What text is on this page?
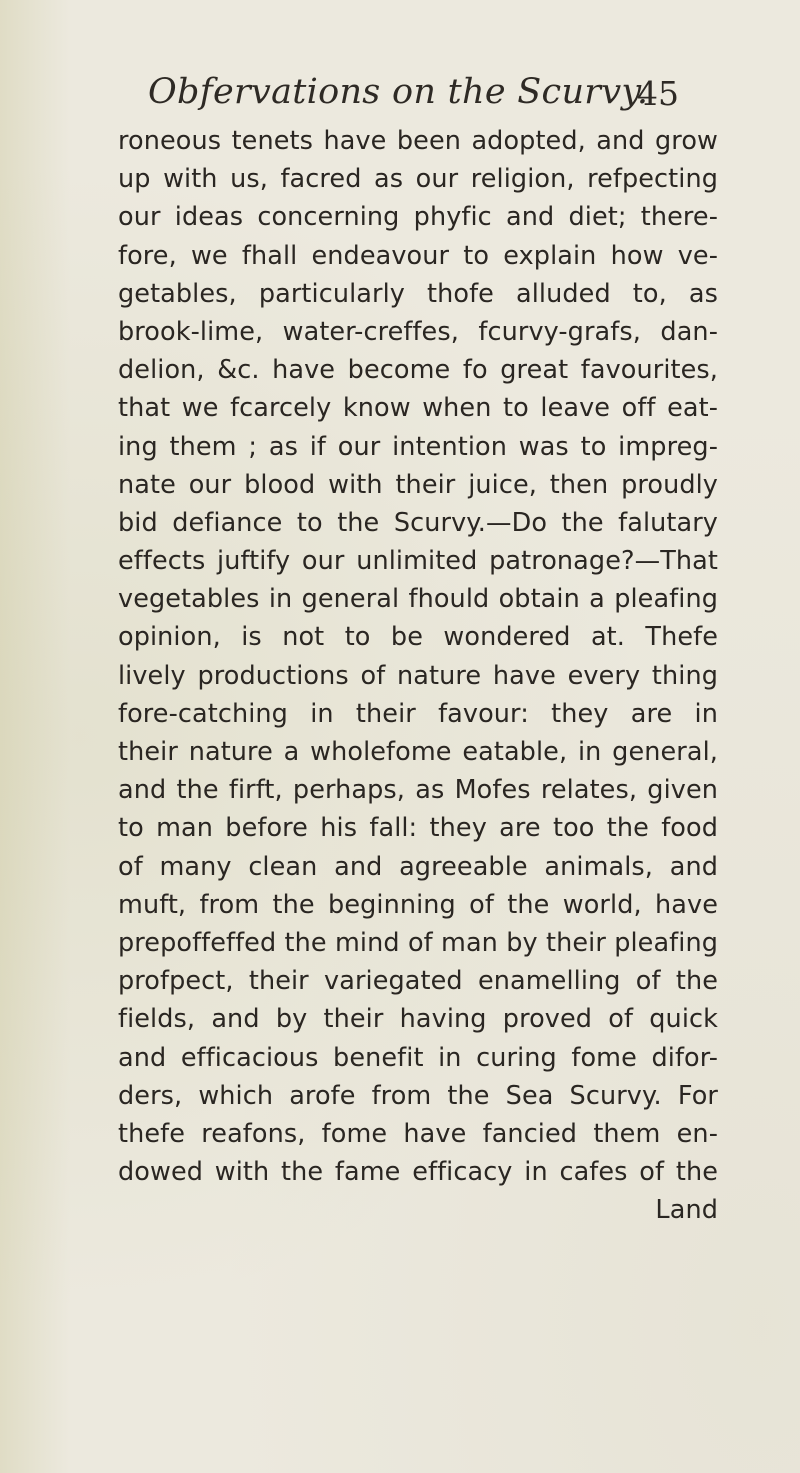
Obfervations on the Scurvy.
45
roneous tenets have been adopted, and grow
up with us, facred as our religion, refpecting
our ideas concerning phyfic and diet; there-
fore, we fhall endeavour to explain how ve-
getables, particularly thofe alluded to, as
brook-lime, water-creffes, fcurvy-grafs, dan-
delion, &c. have become fo great favourites,
that we fcarcely know when to leave off eat-
ing them ; as if our intention was to impreg-
nate our blood with their juice, then proudly
bid defiance to the Scurvy.—Do the falutary
effects juftify our unlimited patronage?—That
vegetables in general fhould obtain a pleafing
opinion, is not to be wondered at. Thefe
lively productions of nature have every thing
fore-catching in their favour: they are in
their nature a wholefome eatable, in general,
and the firft, perhaps, as Mofes relates, given
to man before his fall: they are too the food
of many clean and agreeable animals, and
muft, from the beginning of the world, have
prepoffeffed the mind of man by their pleafing
profpect, their variegated enamelling of the
fields, and by their having proved of quick
and efficacious benefit in curing fome difor-
ders, which arofe from the Sea Scurvy. For
thefe reafons, fome have fancied them en-
dowed with the fame efficacy in cafes of the
Land
